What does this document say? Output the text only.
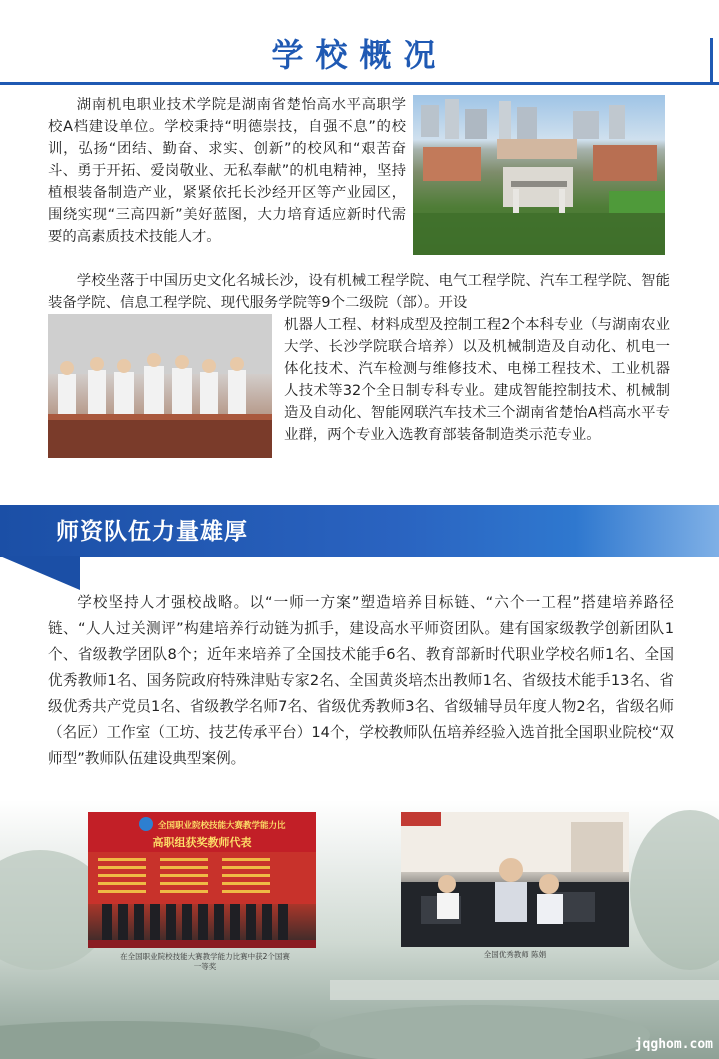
学校概况

湖南机电职业技术学院是湖南省楚怡高水平高职学校A档建设单位。学校秉持“明德崇技，自强不息”的校训，弘扬“团结、勤奋、求实、创新”的校风和“艰苦奋斗、勇于开拓、爱岗敬业、无私奉献”的机电精神，坚持植根装备制造产业，紧紧依托长沙经开区等产业园区，围绕实现“三高四新”美好蓝图，大力培育适应新时代需要的高素质技术技能人才。

学校坐落于中国历史文化名城长沙，设有机械工程学院、电气工程学院、汽车工程学院、智能装备学院、信息工程学院、现代服务学院等9个二级院（部）。开设

机器人工程、材料成型及控制工程2个本科专业（与湖南农业大学、长沙学院联合培养）以及机械制造及自动化、机电一体化技术、汽车检测与维修技术、电梯工程技术、工业机器人技术等32个全日制专科专业。建成智能控制技术、机械制造及自动化、智能网联汽车技术三个湖南省楚怡A档高水平专业群，两个专业入选教育部装备制造类示范专业。

师资队伍力量雄厚

学校坚持人才强校战略。以“一师一方案”塑造培养目标链、“六个一工程”搭建培养路径链、“人人过关测评”构建培养行动链为抓手，建设高水平师资团队。建有国家级教学创新团队1个、省级教学团队8个；近年来培养了全国技术能手6名、教育部新时代职业学校名师1名、全国优秀教师1名、国务院政府特殊津贴专家2名、全国黄炎培杰出教师1名、省级技术能手13名、省级优秀共产党员1名、省级教学名师7名、省级优秀教师3名、省级辅导员年度人物2名，省级名师（名匠）工作室（工坊、技艺传承平台）14个，学校教师队伍培养经验入选首批全国职业院校“双师型”教师队伍建设典型案例。

全国职业院校技能大赛教学能力比
高职组获奖教师代表
在全国职业院校技能大赛教学能力比赛中获2个国赛一等奖
全国优秀教师 陈娟
jqghom.com
